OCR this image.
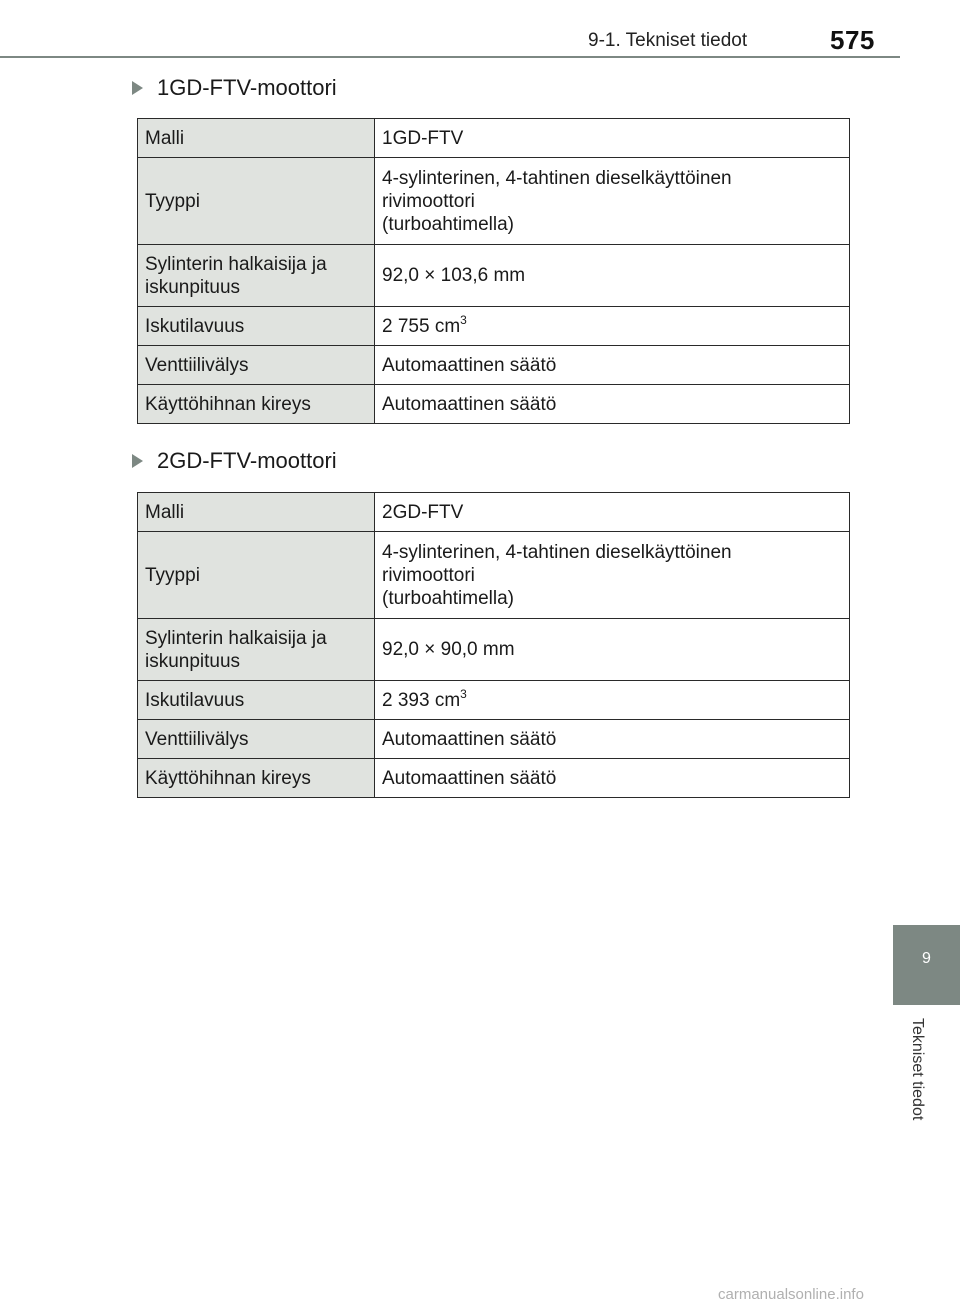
9-1. Tekniset tiedot	575
9
Tekniset tiedot
1GD-FTV-moottori
Malli	1GD-FTV
Tyyppi	4-sylinterinen, 4-tahtinen dieselkäyttöinen
rivimoottori
(turboahtimella)

Sylinterin halkaisija ja
iskunpituus	92,0 × 103,6 mm
Iskutilavuus	2 755 $cm^3$
Venttiilivälys	Automaattinen säätö
Käyttöhihnan kireys	Automaattinen säätö
2GD-FTV-moottori
Malli	2GD-FTV
Tyyppi	4-sylinterinen, 4-tahtinen dieselkäyttöinen
rivimoottori
(turboahtimella)

Sylinterin halkaisija ja
iskunpituus	92,0 × 90,0 mm
Iskutilavuus	2 393 $cm^3$
Venttiilivälys	Automaattinen säätö
Käyttöhihnan kireys	Automaattinen säätö
carmanualsonline.info
